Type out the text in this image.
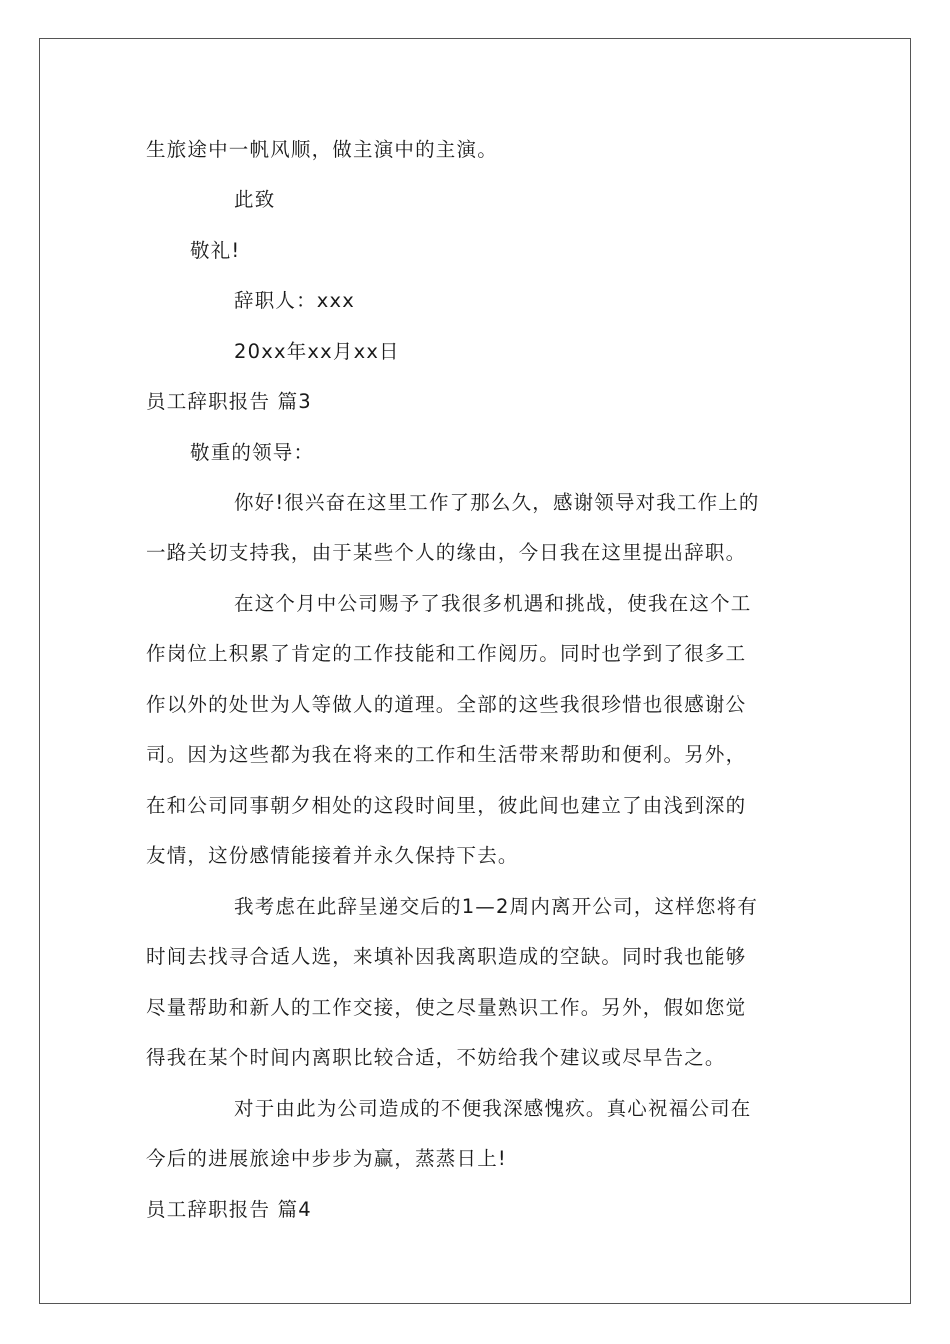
生旅途中一帆风顺，做主演中的主演。
此致
敬礼!
辞职人：xxx
20xx年xx月xx日
员工辞职报告 篇3
敬重的领导：
你好!很兴奋在这里工作了那么久，感谢领导对我工作上的
一路关切支持我，由于某些个人的缘由，今日我在这里提出辞职。
在这个月中公司赐予了我很多机遇和挑战，使我在这个工
作岗位上积累了肯定的工作技能和工作阅历。同时也学到了很多工
作以外的处世为人等做人的道理。全部的这些我很珍惜也很感谢公
司。因为这些都为我在将来的工作和生活带来帮助和便利。另外，
在和公司同事朝夕相处的这段时间里，彼此间也建立了由浅到深的
友情，这份感情能接着并永久保持下去。
我考虑在此辞呈递交后的1—2周内离开公司，这样您将有
时间去找寻合适人选，来填补因我离职造成的空缺。同时我也能够
尽量帮助和新人的工作交接，使之尽量熟识工作。另外，假如您觉
得我在某个时间内离职比较合适，不妨给我个建议或尽早告之。
对于由此为公司造成的不便我深感愧疚。真心祝福公司在
今后的进展旅途中步步为赢，蒸蒸日上!
员工辞职报告 篇4
